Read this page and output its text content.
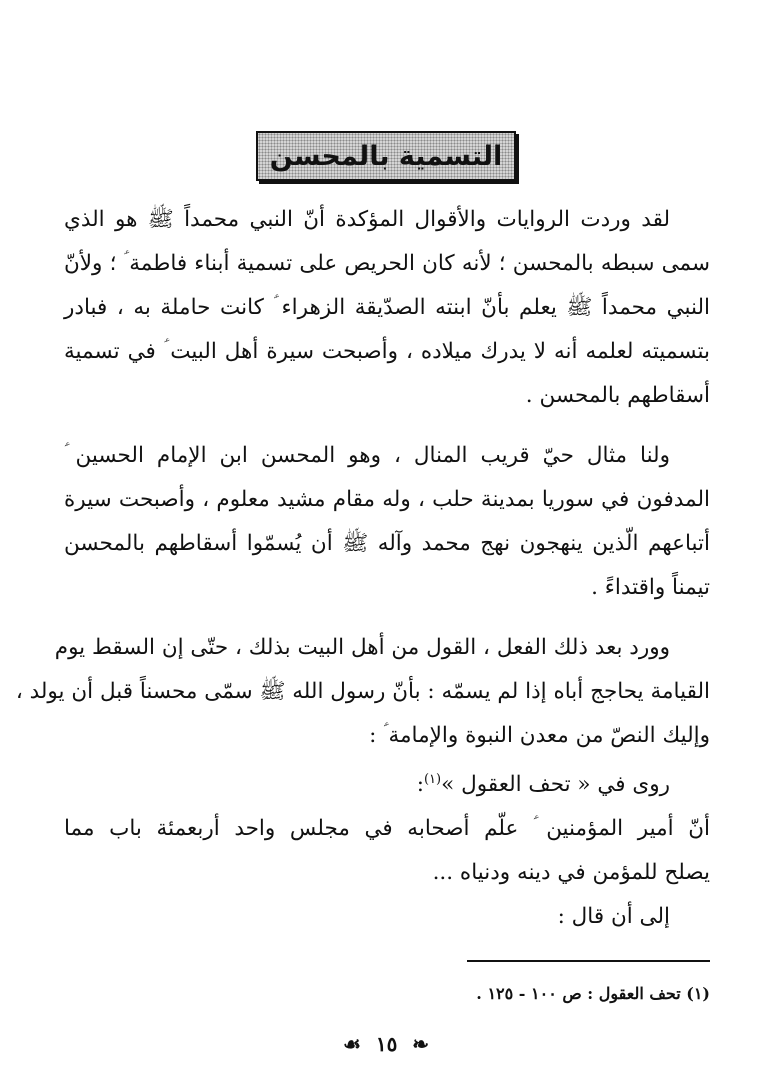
التسمية بالمحسن

لقد وردت الروايات والأقوال المؤكدة أنّ النبي محمداً ﷺ هو الذي
سمى سبطه بالمحسن ؛ لأنه كان الحريص على تسمية أبناء فاطمة ؑ ؛ ولأنّ
النبي محمداً ﷺ يعلم بأنّ ابنته الصدّيقة الزهراء ؑ كانت حاملة به ، فبادر
بتسميته لعلمه أنه لا يدرك ميلاده ، وأصبحت سيرة أهل البيت ؑ في تسمية
أسقاطهم بالمحسن .

ولنا مثال حيّ قريب المنال ، وهو المحسن ابن الإمام الحسين ؑ
المدفون في سوريا بمدينة حلب ، وله مقام مشيد معلوم ، وأصبحت سيرة
أتباعهم الّذين ينهجون نهج محمد وآله ﷺ أن يُسمّوا أسقاطهم بالمحسن
تيمناً واقتداءً .

وورد بعد ذلك الفعل ، القول من أهل البيت بذلك ، حتّى إن السقط يوم
القيامة يحاجج أباه إذا لم يسمّه : بأنّ رسول الله ﷺ سمّى محسناً قبل أن يولد ،
وإليك النصّ من معدن النبوة والإمامة ؑ :

روى في « تحف العقول »$^{(١)}$:

أنّ أمير المؤمنين ؑ علّم أصحابه في مجلس واحد أربعمئة باب مما
يصلح للمؤمن في دينه ودنياه ...

إلى أن قال :

(١) تحف العقول : ص ١٠٠ - ١٢٥ .
☙ ١٥ ❧
